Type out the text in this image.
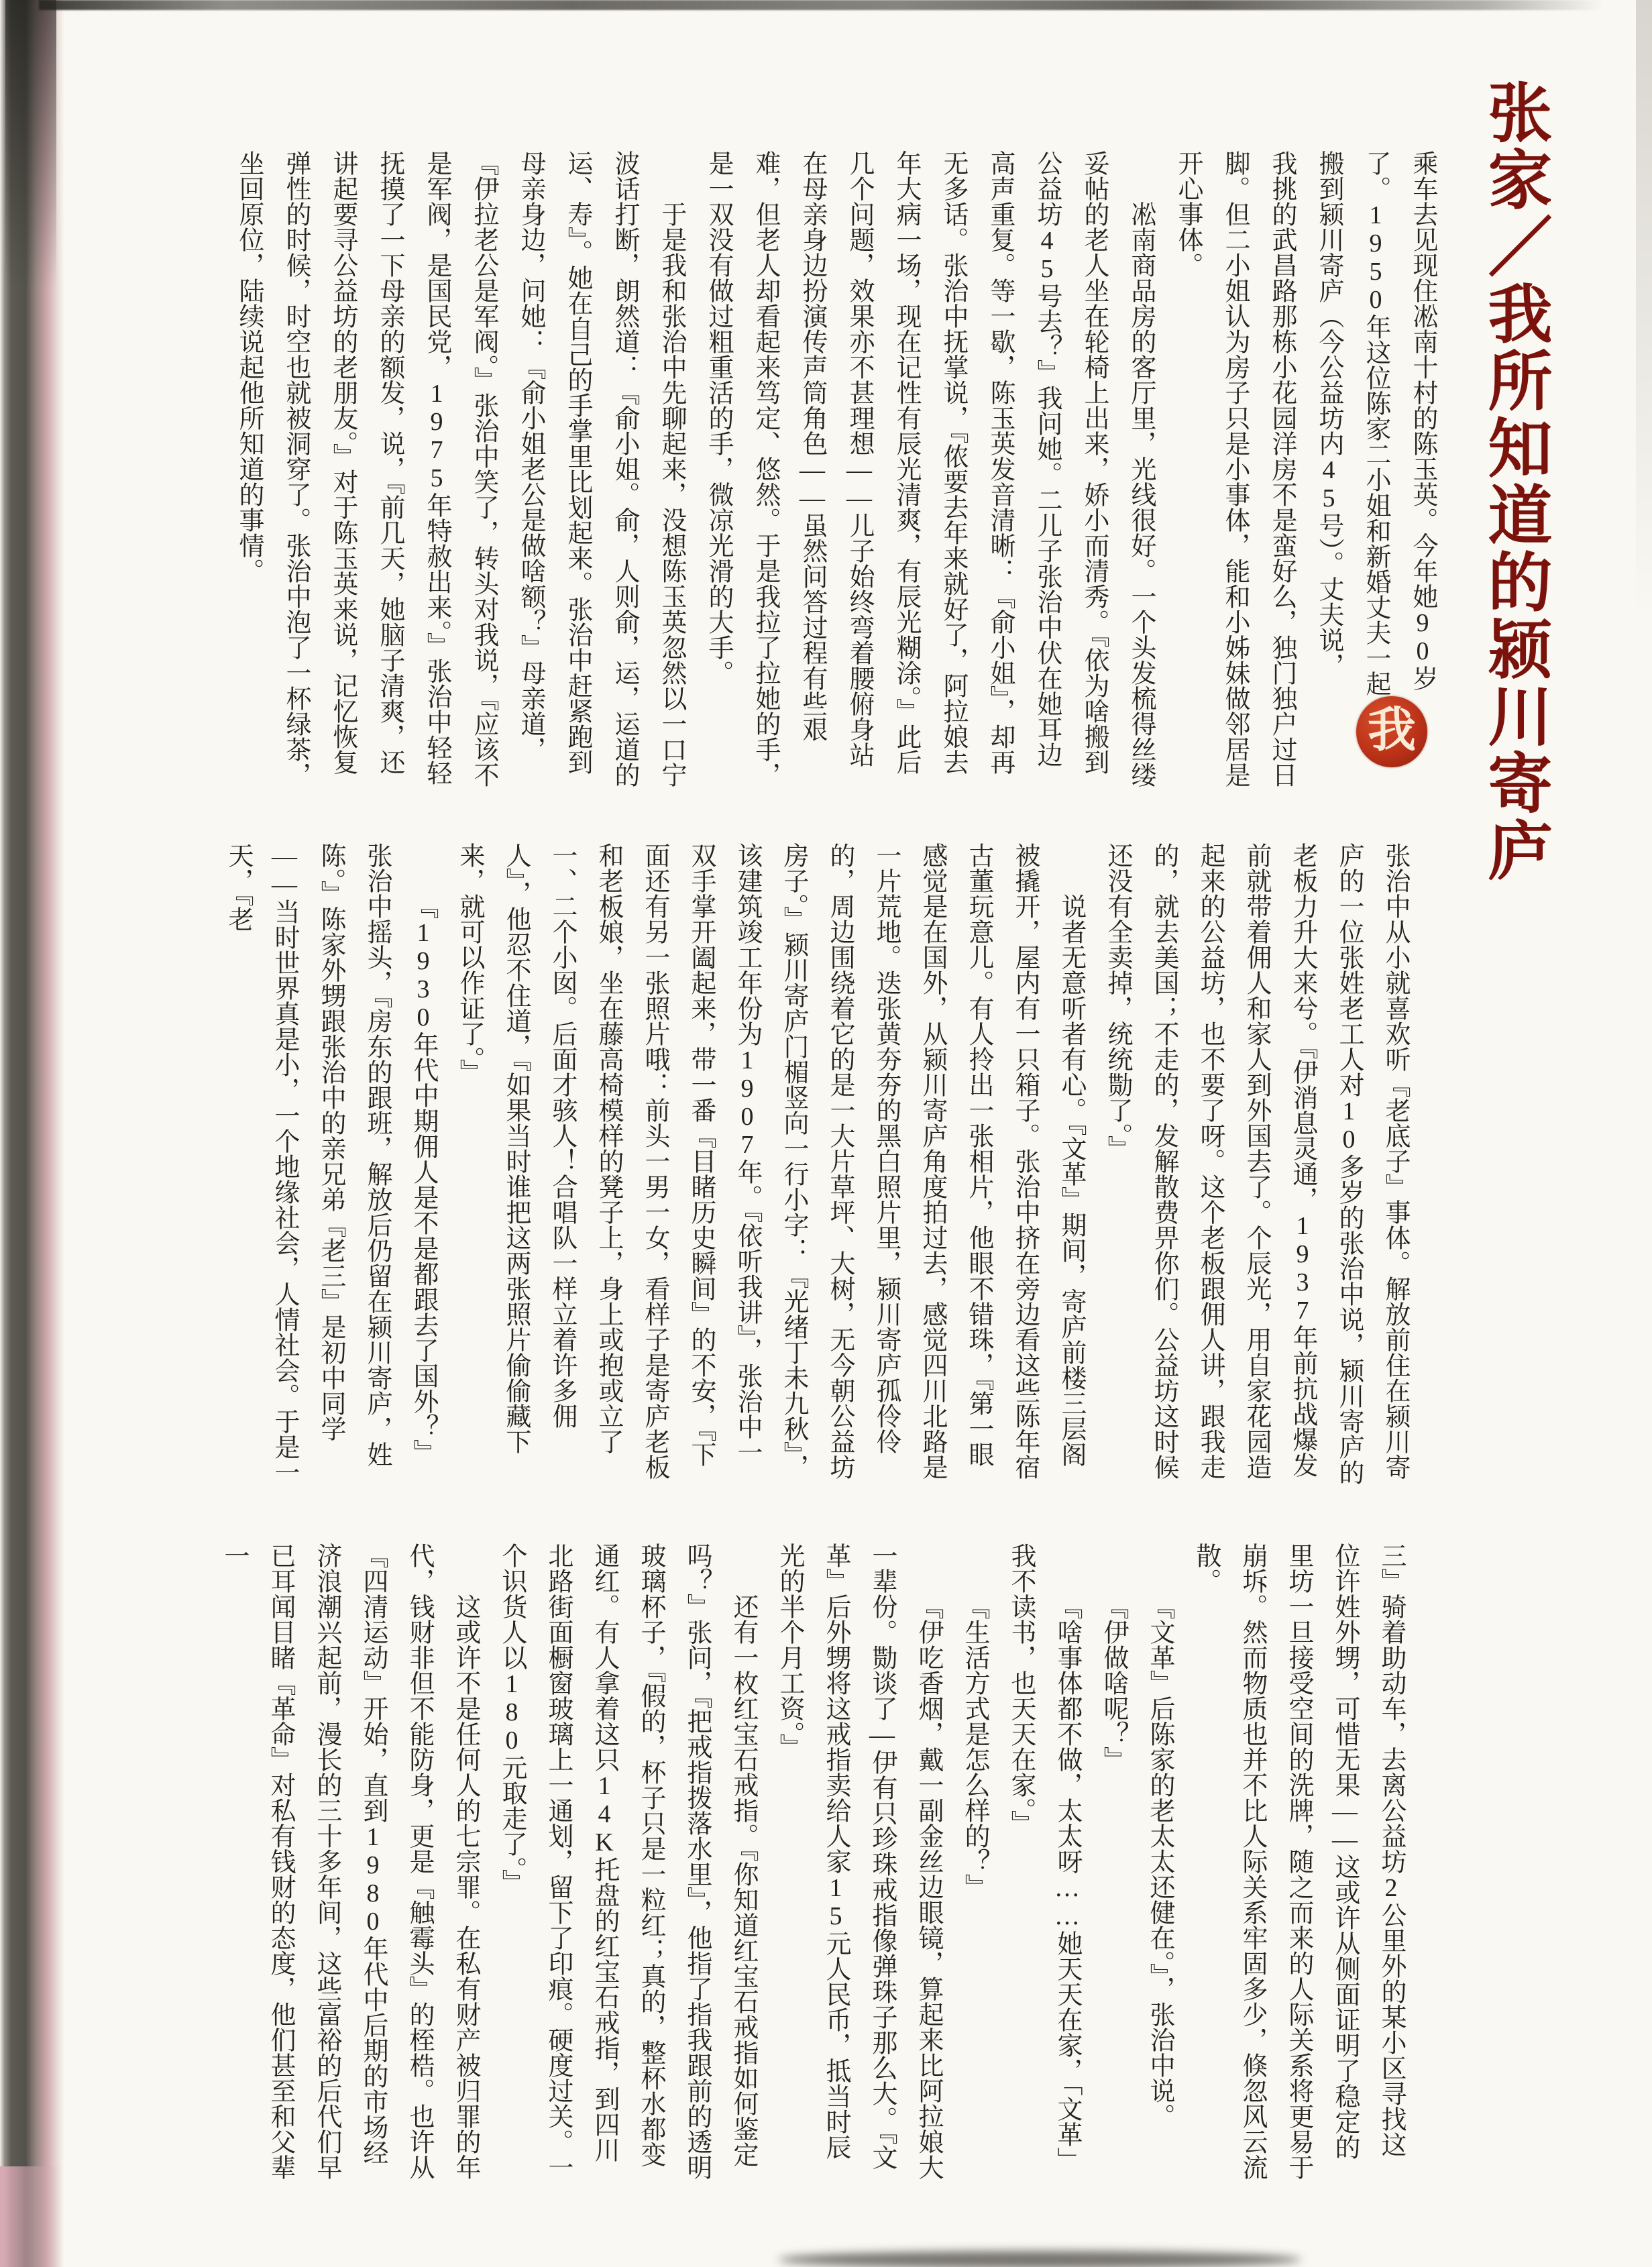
张家／我所知道的颍川寄庐
我

乘车去见现住凇南十村的陈玉英。今年她90岁了。1950年这位陈家二小姐和新婚丈夫一起搬到颍川寄庐（今公益坊内45号）。丈夫说，我挑的武昌路那栋小花园洋房不是蛮好么，独门独户过日脚。但二小姐认为房子只是小事体，能和小姊妹做邻居是开心事体。

凇南商品房的客厅里，光线很好。一个头发梳得丝缕妥帖的老人坐在轮椅上出来，娇小而清秀。『依为啥搬到公益坊45号去？』我问她。二儿子张治中伏在她耳边高声重复。等一歇，陈玉英发音清晰：『俞小姐』，却再无多话。张治中抚掌说，『侬要去年来就好了，阿拉娘去年大病一场，现在记性有辰光清爽，有辰光糊涂。』此后几个问题，效果亦不甚理想——儿子始终弯着腰俯身站在母亲身边扮演传声筒角色——虽然问答过程有些艰难，但老人却看起来笃定、悠然。于是我拉了拉她的手，是一双没有做过粗重活的手，微凉光滑的大手。

于是我和张治中先聊起来，没想陈玉英忽然以一口宁波话打断，朗然道：『俞小姐。俞，人则俞，运，运道的运、寿』。她在自己的手掌里比划起来。张治中赶紧跑到母亲身边，问她：『俞小姐老公是做啥额？』母亲道，『伊拉老公是军阀。』张治中笑了，转头对我说，『应该不是军阀，是国民党，1975年特赦出来。』张治中轻轻抚摸了一下母亲的额发，说，『前几天，她脑子清爽，还讲起要寻公益坊的老朋友。』对于陈玉英来说，记忆恢复弹性的时候，时空也就被洞穿了。张治中泡了一杯绿茶，坐回原位，陆续说起他所知道的事情。

张治中从小就喜欢听『老底子』事体。解放前住在颍川寄庐的一位张姓老工人对10多岁的张治中说，颍川寄庐的老板力升大来兮。『伊消息灵通，1937年前抗战爆发前就带着佣人和家人到外国去了。个辰光，用自家花园造起来的公益坊，也不要了呀。这个老板跟佣人讲，跟我走的，就去美国；不走的，发解散费畀你们。公益坊这时候还没有全卖掉，统统勚了。』

说者无意听者有心。『文革』期间，寄庐前楼三层阁被撬开，屋内有一只箱子。张治中挤在旁边看这些陈年宿古董玩意儿。有人拎出一张相片，他眼不错珠，『第一眼感觉是在国外，从颍川寄庐角度拍过去，感觉四川北路是一片荒地。迭张黄夯夯的黑白照片里，颍川寄庐孤伶伶的，周边围绕着它的是一大片草坪、大树，无今朝公益坊房子。』颍川寄庐门楣竖向一行小字：『光绪丁未九秋』，该建筑竣工年份为1907年。『依听我讲』，张治中一双手掌开阖起来，带一番『目睹历史瞬间』的不安，『下面还有另一张照片哦：前头一男一女，看样子是寄庐老板和老板娘，坐在藤高椅模样的凳子上，身上或抱或立了一、二个小囡。后面才骇人！合唱队一样立着许多佣人』，他忍不住道，『如果当时谁把这两张照片偷偷藏下来，就可以作证了。』

『1930年代中期佣人是不是都跟去了国外？』张治中摇头，『房东的跟班，解放后仍留在颍川寄庐，姓陈。』陈家外甥跟张治中的亲兄弟『老三』是初中同学——当时世界真是小，一个地缘社会，人情社会。于是一天，『老

三』骑着助动车，去离公益坊2公里外的某小区寻找这位许姓外甥，可惜无果——这或许从侧面证明了稳定的里坊一旦接受空间的洗牌，随之而来的人际关系将更易于崩坼。然而物质也并不比人际关系牢固多少，倏忽风云流散。

『文革』后陈家的老太太还健在。』，张治中说。

『伊做啥呢？』

『啥事体都不做，太太呀……她天天在家，「文革」我不读书，也天天在家。』

『生活方式是怎么样的？』

『伊吃香烟，戴一副金丝边眼镜，算起来比阿拉娘大一辈份。勚谈了—伊有只珍珠戒指像弹珠子那么大。『文革』后外甥将这戒指卖给人家15元人民币，抵当时辰光的半个月工资。』

还有一枚红宝石戒指。『你知道红宝石戒指如何鉴定吗？』张问，『把戒指拨落水里』，他指了指我跟前的透明玻璃杯子，『假的，杯子只是一粒红；真的，整杯水都变通红。有人拿着这只14K托盘的红宝石戒指，到四川北路街面橱窗玻璃上一通划，留下了印痕。硬度过关。一个识货人以180元取走了。』

这或许不是任何人的七宗罪。在私有财产被归罪的年代，钱财非但不能防身，更是『触霉头』的桎梏。也许从『四清运动』开始，直到1980年代中后期的市场经济浪潮兴起前，漫长的三十多年间，这些富裕的后代们早已耳闻目睹『革命』对私有钱财的态度，他们甚至和父辈一
